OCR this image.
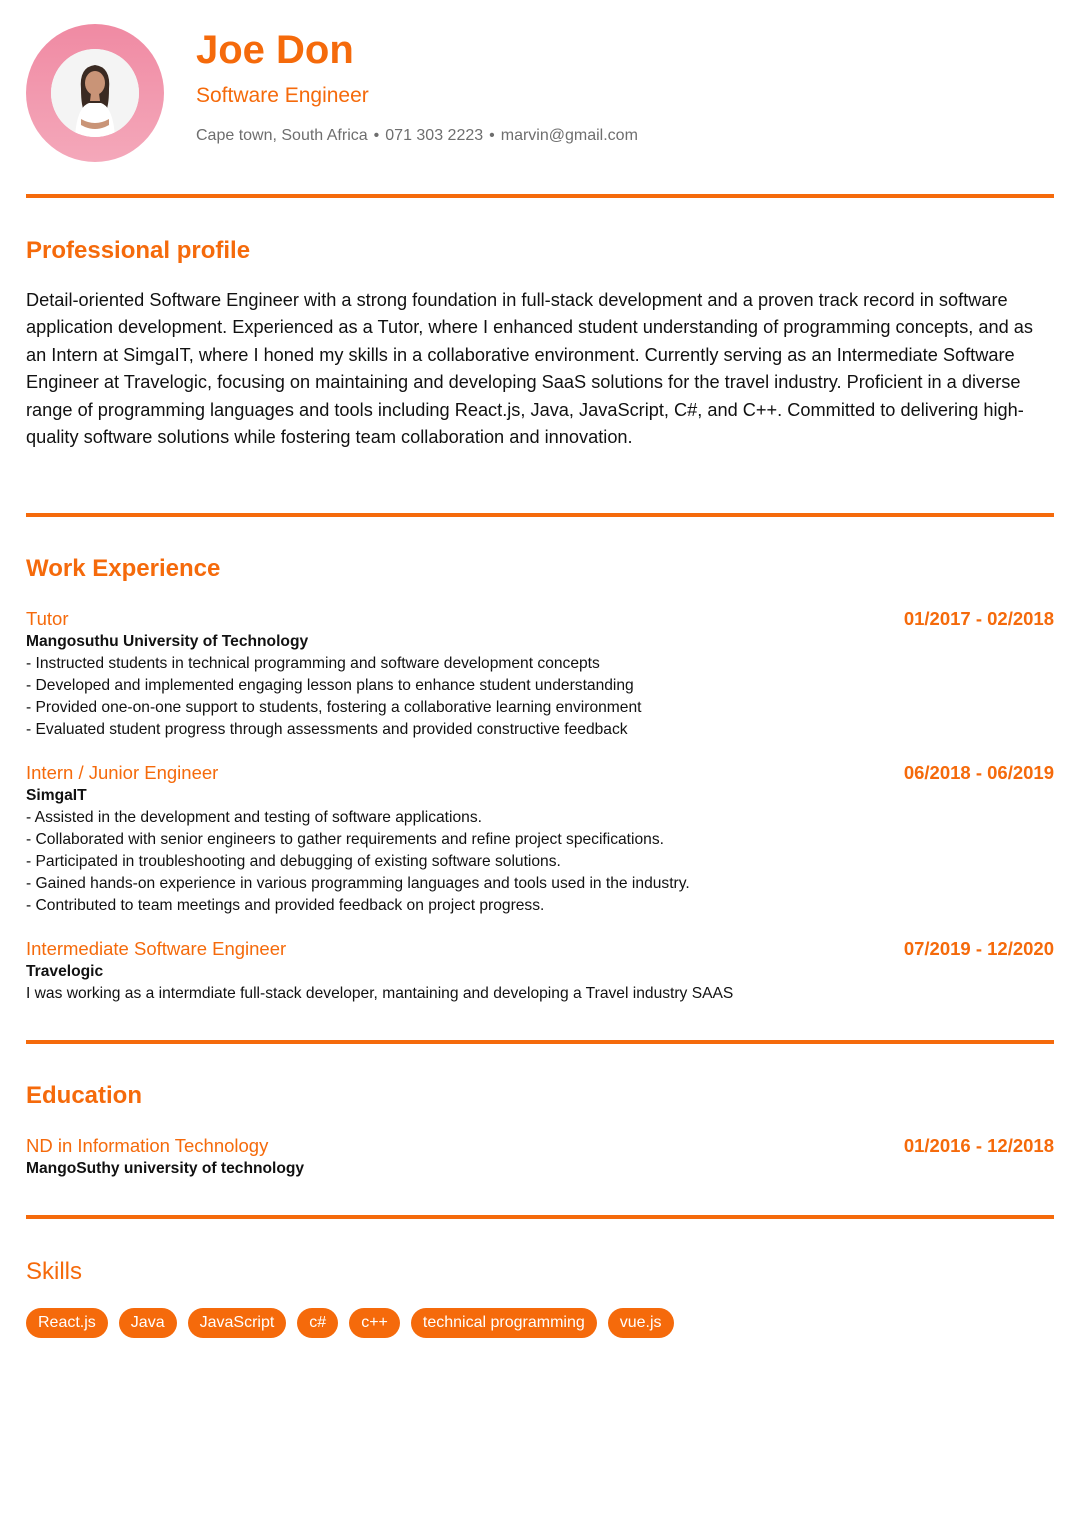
Joe Don
Software Engineer
Cape town, South Africa • 071 303 2223 • marvin@gmail.com
Professional profile
Detail-oriented Software Engineer with a strong foundation in full-stack development and a proven track record in software application development. Experienced as a Tutor, where I enhanced student understanding of programming concepts, and as an Intern at SimgaIT, where I honed my skills in a collaborative environment. Currently serving as an Intermediate Software Engineer at Travelogic, focusing on maintaining and developing SaaS solutions for the travel industry. Proficient in a diverse range of programming languages and tools including React.js, Java, JavaScript, C#, and C++. Committed to delivering high-quality software solutions while fostering team collaboration and innovation.
Work Experience
Tutor	01/2017 - 02/2018
Mangosuthu University of Technology
- Instructed students in technical programming and software development concepts
- Developed and implemented engaging lesson plans to enhance student understanding
- Provided one-on-one support to students, fostering a collaborative learning environment
- Evaluated student progress through assessments and provided constructive feedback
Intern / Junior Engineer	06/2018 - 06/2019
SimgaIT
- Assisted in the development and testing of software applications.
- Collaborated with senior engineers to gather requirements and refine project specifications.
- Participated in troubleshooting and debugging of existing software solutions.
- Gained hands-on experience in various programming languages and tools used in the industry.
- Contributed to team meetings and provided feedback on project progress.
Intermediate Software Engineer	07/2019 - 12/2020
Travelogic
I was working as a intermdiate full-stack developer, mantaining and developing a Travel industry SAAS
Education
ND in Information Technology	01/2016 - 12/2018
MangoSuthy university of technology
Skills
React.js	Java	JavaScript	c#	c++	technical programming	vue.js
